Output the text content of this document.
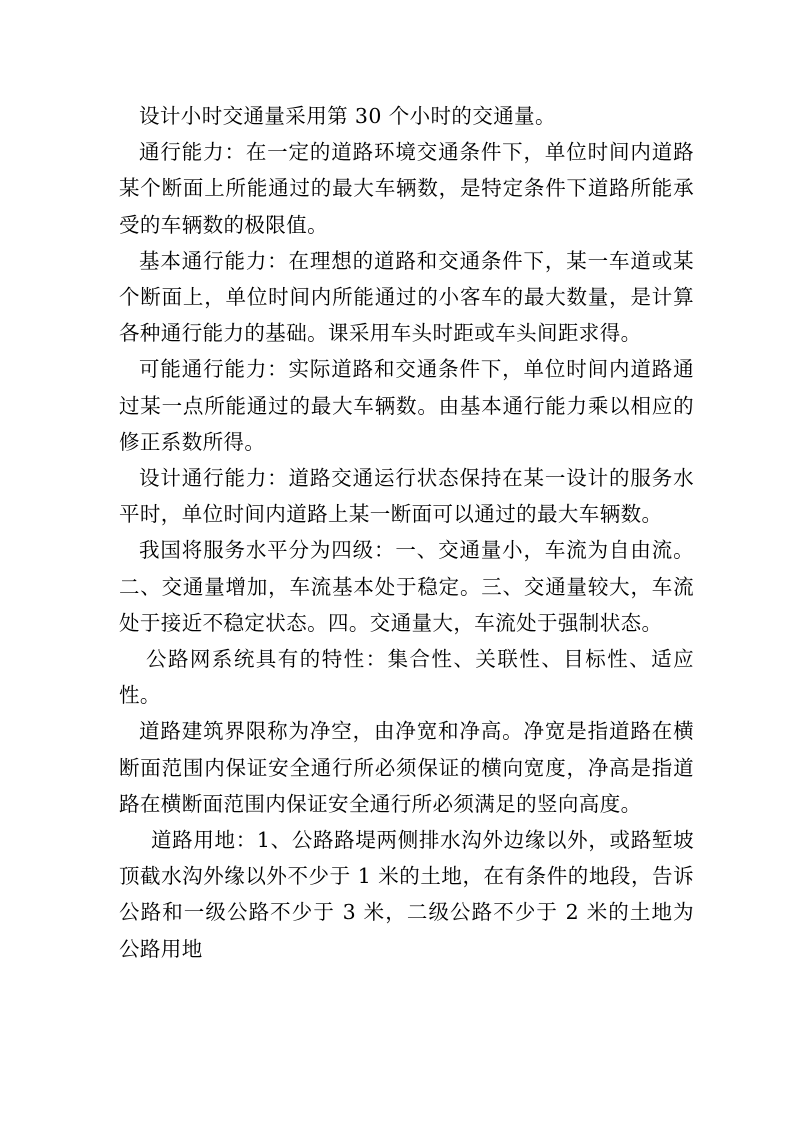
设计小时交通量采用第 30 个小时的交通量。

通行能力：在一定的道路环境交通条件下，单位时间内道路某个断面上所能通过的最大车辆数，是特定条件下道路所能承受的车辆数的极限值。

基本通行能力：在理想的道路和交通条件下，某一车道或某个断面上，单位时间内所能通过的小客车的最大数量，是计算各种通行能力的基础。课采用车头时距或车头间距求得。

可能通行能力：实际道路和交通条件下，单位时间内道路通过某一点所能通过的最大车辆数。由基本通行能力乘以相应的修正系数所得。

设计通行能力：道路交通运行状态保持在某一设计的服务水平时，单位时间内道路上某一断面可以通过的最大车辆数。

我国将服务水平分为四级：一、交通量小，车流为自由流。二、交通量增加，车流基本处于稳定。三、交通量较大，车流处于接近不稳定状态。四。交通量大，车流处于强制状态。

公路网系统具有的特性：集合性、关联性、目标性、适应性。

道路建筑界限称为净空，由净宽和净高。净宽是指道路在横断面范围内保证安全通行所必须保证的横向宽度，净高是指道路在横断面范围内保证安全通行所必须满足的竖向高度。

道路用地：1、公路路堤两侧排水沟外边缘以外，或路堑坡顶截水沟外缘以外不少于 1 米的土地，在有条件的地段，告诉公路和一级公路不少于 3 米，二级公路不少于 2 米的土地为公路用地
